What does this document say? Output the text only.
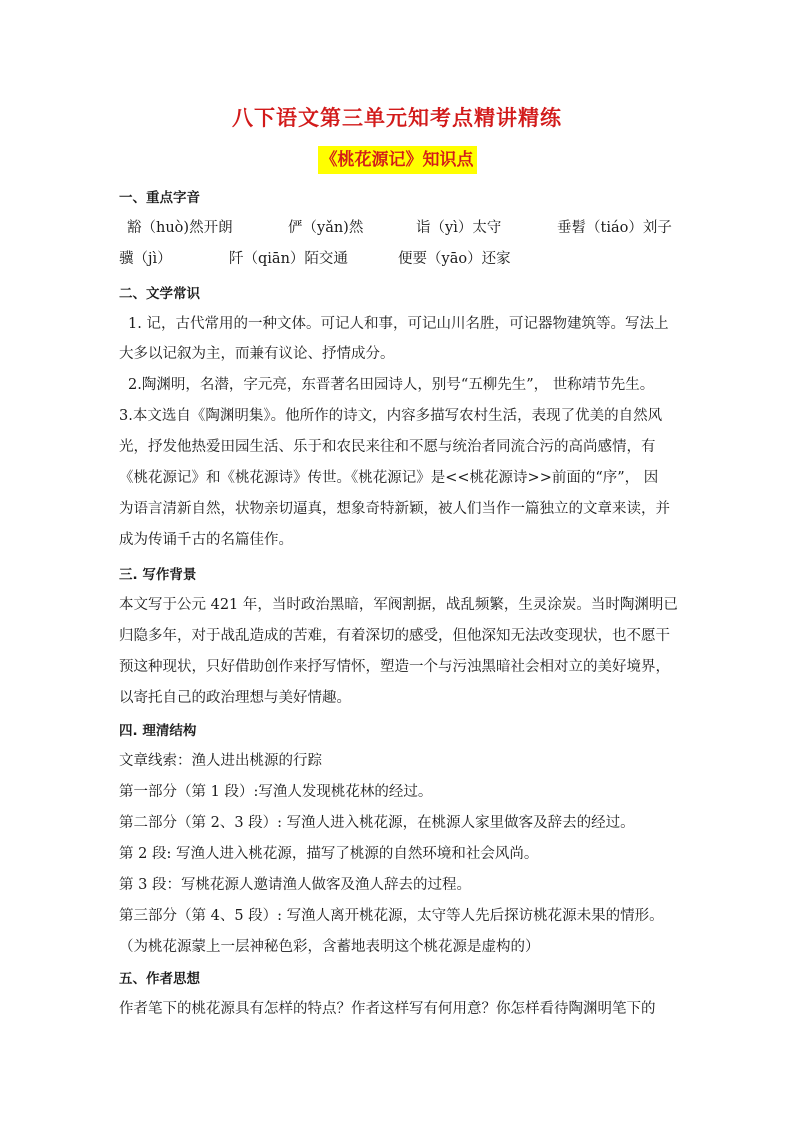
八下语文第三单元知考点精讲精练
《桃花源记》知识点
一、重点字音
豁（huò)然开朗	俨（yǎn)然	诣（yì）太守	垂髫（tiáo）刘子
骥（jì）	阡（qiān）陌交通	便要（yāo）还家
二、文学常识
1. 记，古代常用的一种文体。可记人和事，可记山川名胜，可记器物建筑等。写法上
大多以记叙为主，而兼有议论、抒情成分。
2.陶渊明，名潜，字元亮，东晋著名田园诗人，别号“五柳先生”， 世称靖节先生。
3.本文选自《陶渊明集》。他所作的诗文，内容多描写农村生活，表现了优美的自然风
光，抒发他热爱田园生活、乐于和农民来往和不愿与统治者同流合污的高尚感情，有
《桃花源记》和《桃花源诗》传世。《桃花源记》是<<桃花源诗>>前面的“序”， 因
为语言清新自然，状物亲切逼真，想象奇特新颖，被人们当作一篇独立的文章来读，并
成为传诵千古的名篇佳作。
三. 写作背景
本文写于公元 421 年，当时政治黑暗，军阀割据，战乱频繁，生灵涂炭。当时陶渊明已
归隐多年，对于战乱造成的苦难，有着深切的感受，但他深知无法改变现状，也不愿干
预这种现状，只好借助创作来抒写情怀，塑造一个与污浊黑暗社会相对立的美好境界，
以寄托自己的政治理想与美好情趣。
四. 理清结构
文章线索：渔人进出桃源的行踪
第一部分（第 1 段）:写渔人发现桃花林的经过。
第二部分（第 2、3 段）: 写渔人进入桃花源，在桃源人家里做客及辞去的经过。
第 2 段: 写渔人进入桃花源，描写了桃源的自然环境和社会风尚。
第 3 段：写桃花源人邀请渔人做客及渔人辞去的过程。
第三部分（第 4、5 段）: 写渔人离开桃花源，太守等人先后探访桃花源未果的情形。
（为桃花源蒙上一层神秘色彩，含蓄地表明这个桃花源是虚构的）
五、作者思想
作者笔下的桃花源具有怎样的特点？作者这样写有何用意？你怎样看待陶渊明笔下的
